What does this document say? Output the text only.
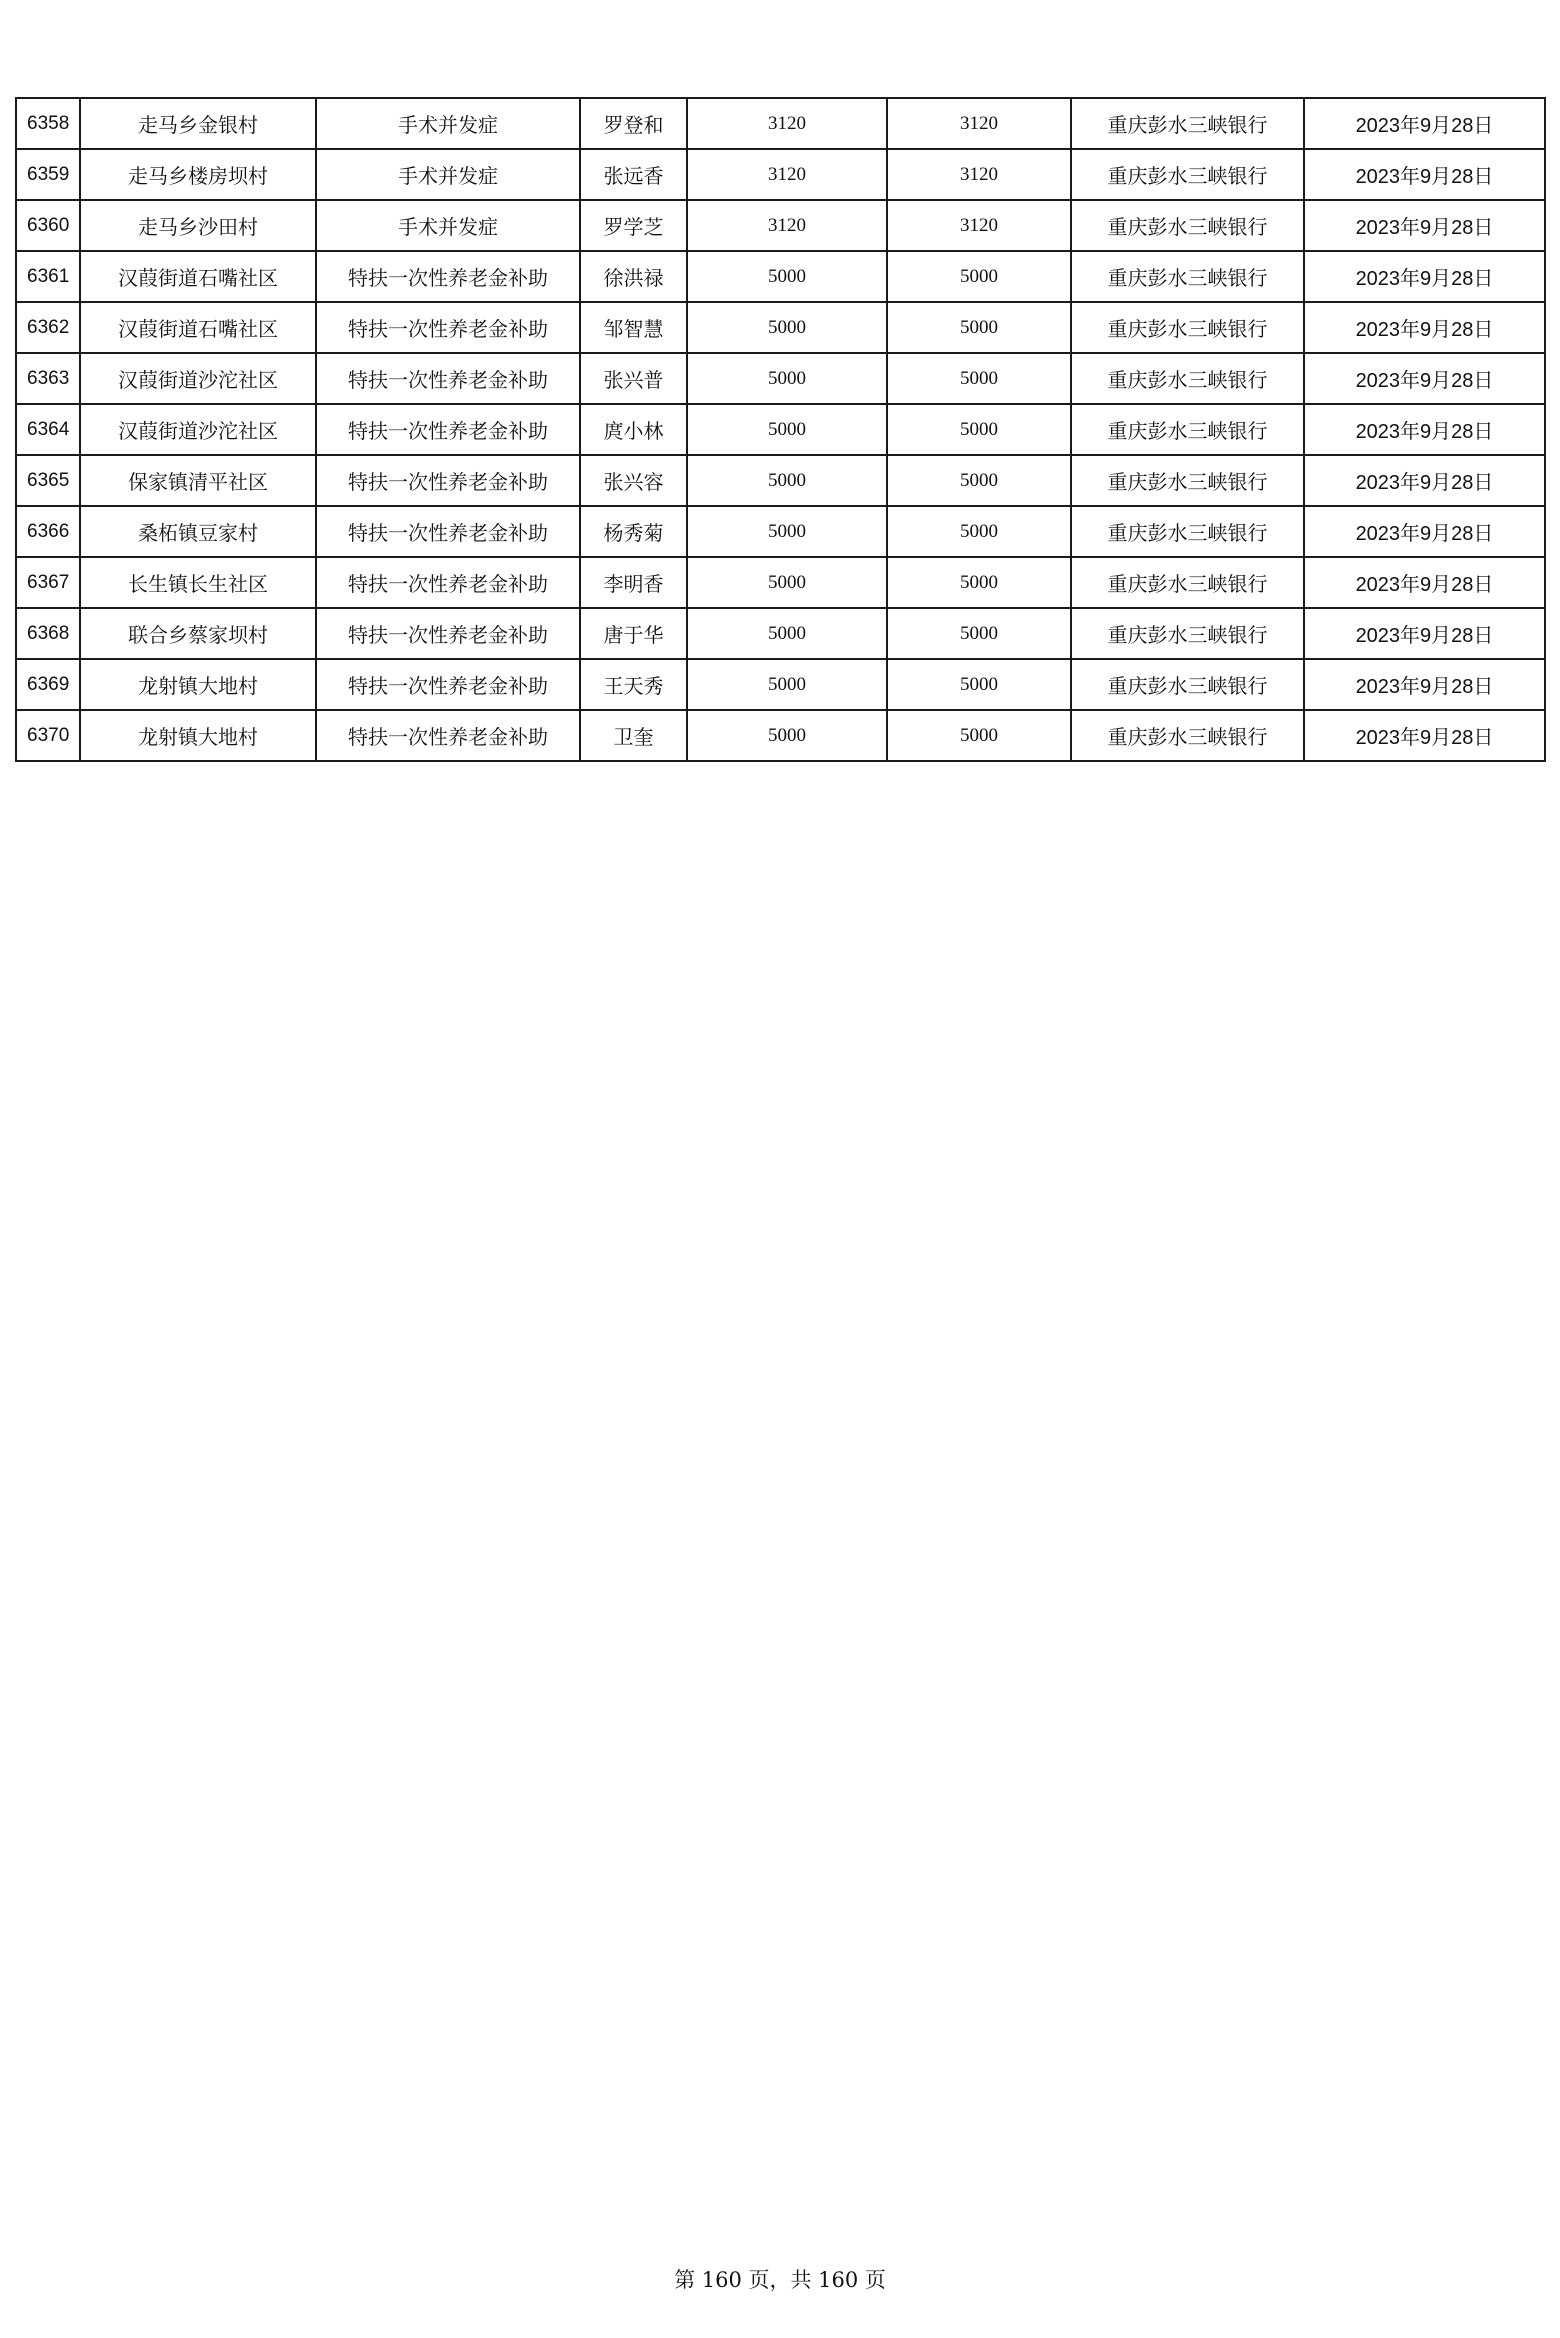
6358	走马乡金银村	手术并发症	罗登和	3120	3120	重庆彭水三峡银行	2023年9月28日
6359	走马乡楼房坝村	手术并发症	张远香	3120	3120	重庆彭水三峡银行	2023年9月28日
6360	走马乡沙田村	手术并发症	罗学芝	3120	3120	重庆彭水三峡银行	2023年9月28日
6361	汉葭街道石嘴社区	特扶一次性养老金补助	徐洪禄	5000	5000	重庆彭水三峡银行	2023年9月28日
6362	汉葭街道石嘴社区	特扶一次性养老金补助	邹智慧	5000	5000	重庆彭水三峡银行	2023年9月28日
6363	汉葭街道沙沱社区	特扶一次性养老金补助	张兴普	5000	5000	重庆彭水三峡银行	2023年9月28日
6364	汉葭街道沙沱社区	特扶一次性养老金补助	庹小林	5000	5000	重庆彭水三峡银行	2023年9月28日
6365	保家镇清平社区	特扶一次性养老金补助	张兴容	5000	5000	重庆彭水三峡银行	2023年9月28日
6366	桑柘镇豆家村	特扶一次性养老金补助	杨秀菊	5000	5000	重庆彭水三峡银行	2023年9月28日
6367	长生镇长生社区	特扶一次性养老金补助	李明香	5000	5000	重庆彭水三峡银行	2023年9月28日
6368	联合乡蔡家坝村	特扶一次性养老金补助	唐于华	5000	5000	重庆彭水三峡银行	2023年9月28日
6369	龙射镇大地村	特扶一次性养老金补助	王天秀	5000	5000	重庆彭水三峡银行	2023年9月28日
6370	龙射镇大地村	特扶一次性养老金补助	卫奎	5000	5000	重庆彭水三峡银行	2023年9月28日
第 160 页，共 160 页
